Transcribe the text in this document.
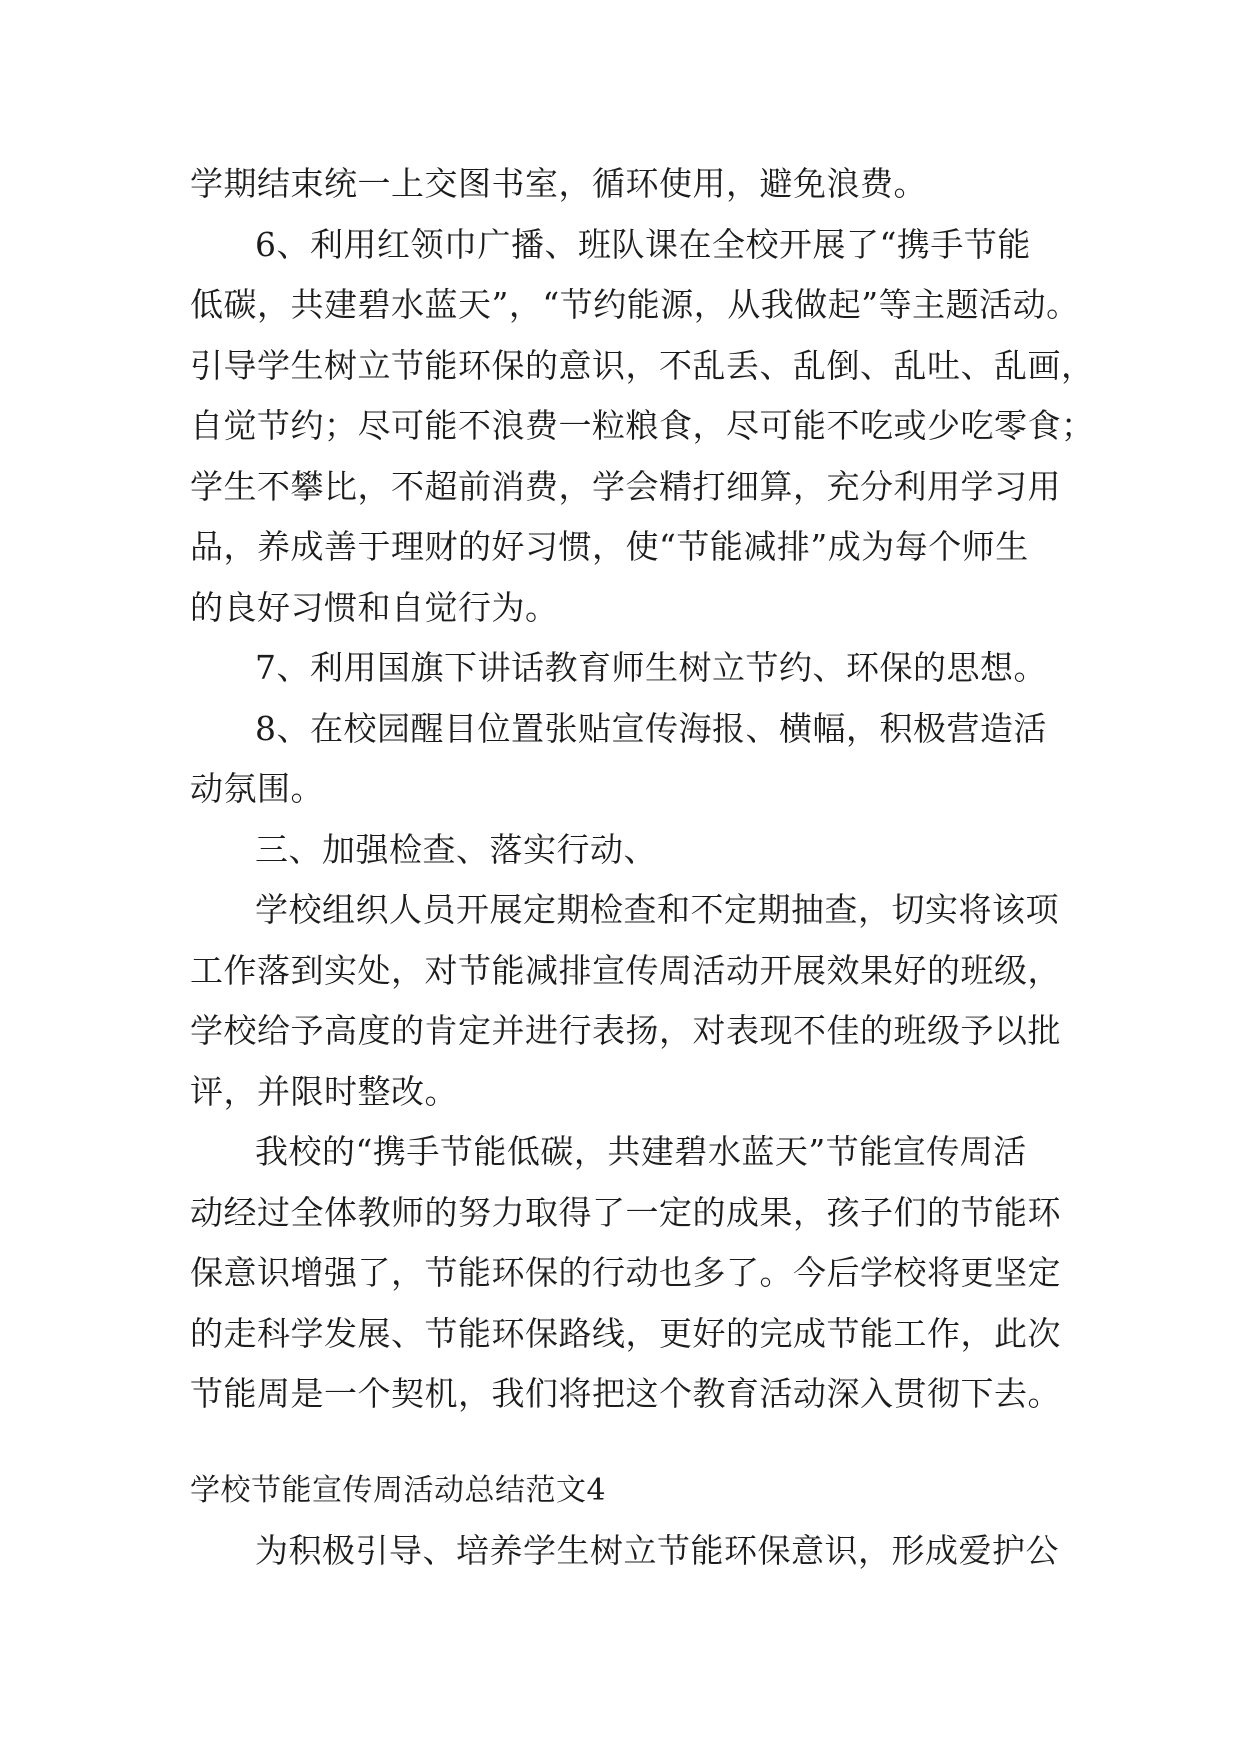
学期结束统一上交图书室，循环使用，避免浪费。
6、利用红领巾广播、班队课在全校开展了“携手节能
低碳，共建碧水蓝天”，“节约能源，从我做起”等主题活动。
引导学生树立节能环保的意识，不乱丢、乱倒、乱吐、乱画，
自觉节约；尽可能不浪费一粒粮食，尽可能不吃或少吃零食；
学生不攀比，不超前消费，学会精打细算，充分利用学习用
品，养成善于理财的好习惯，使“节能减排”成为每个师生
的良好习惯和自觉行为。
7、利用国旗下讲话教育师生树立节约、环保的思想。
8、在校园醒目位置张贴宣传海报、横幅，积极营造活
动氛围。
三、加强检查、落实行动、
学校组织人员开展定期检查和不定期抽查，切实将该项
工作落到实处，对节能减排宣传周活动开展效果好的班级，
学校给予高度的肯定并进行表扬，对表现不佳的班级予以批
评，并限时整改。
我校的“携手节能低碳，共建碧水蓝天”节能宣传周活
动经过全体教师的努力取得了一定的成果，孩子们的节能环
保意识增强了，节能环保的行动也多了。今后学校将更坚定
的走科学发展、节能环保路线，更好的完成节能工作，此次
节能周是一个契机，我们将把这个教育活动深入贯彻下去。
学校节能宣传周活动总结范文4
为积极引导、培养学生树立节能环保意识，形成爱护公
